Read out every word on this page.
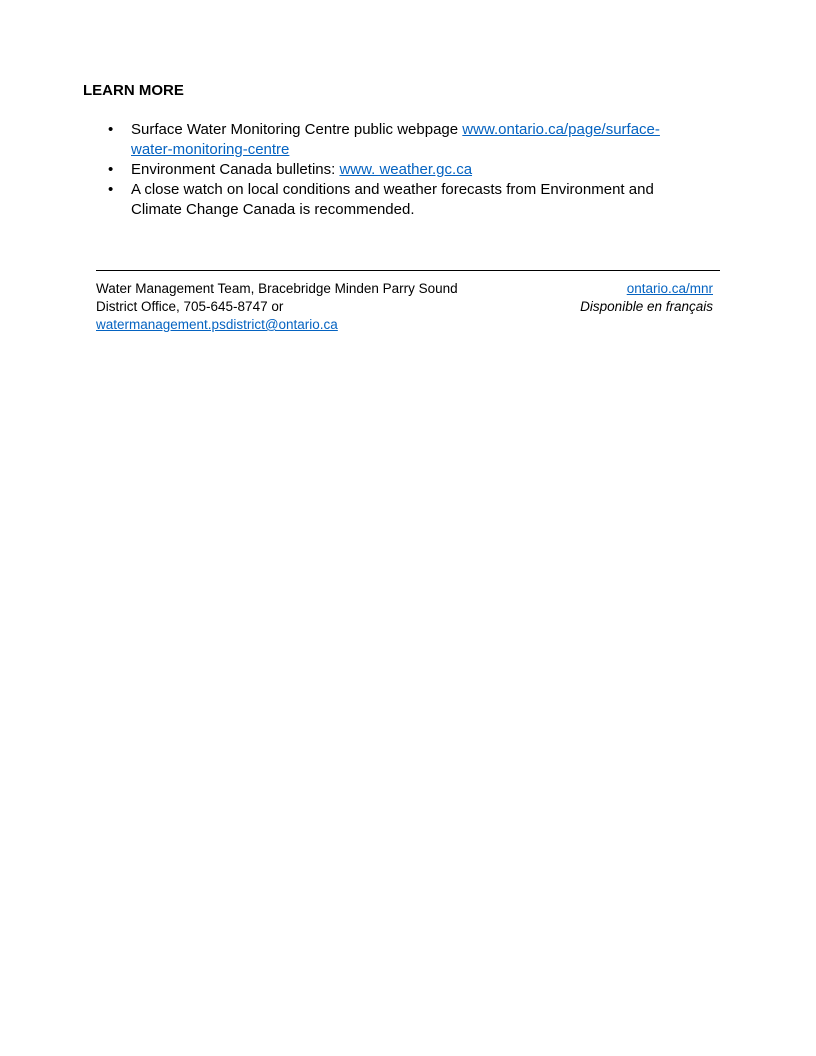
LEARN MORE
• Surface Water Monitoring Centre public webpage www.ontario.ca/page/surface-
water-monitoring-centre
• Environment Canada bulletins: www. weather.gc.ca
• A close watch on local conditions and weather forecasts from Environment and
Climate Change Canada is recommended.
Water Management Team, Bracebridge Minden Parry Sound
District Office, 705-645-8747 or
watermanagement.psdistrict@ontario.ca
ontario.ca/mnr
Disponible en français
